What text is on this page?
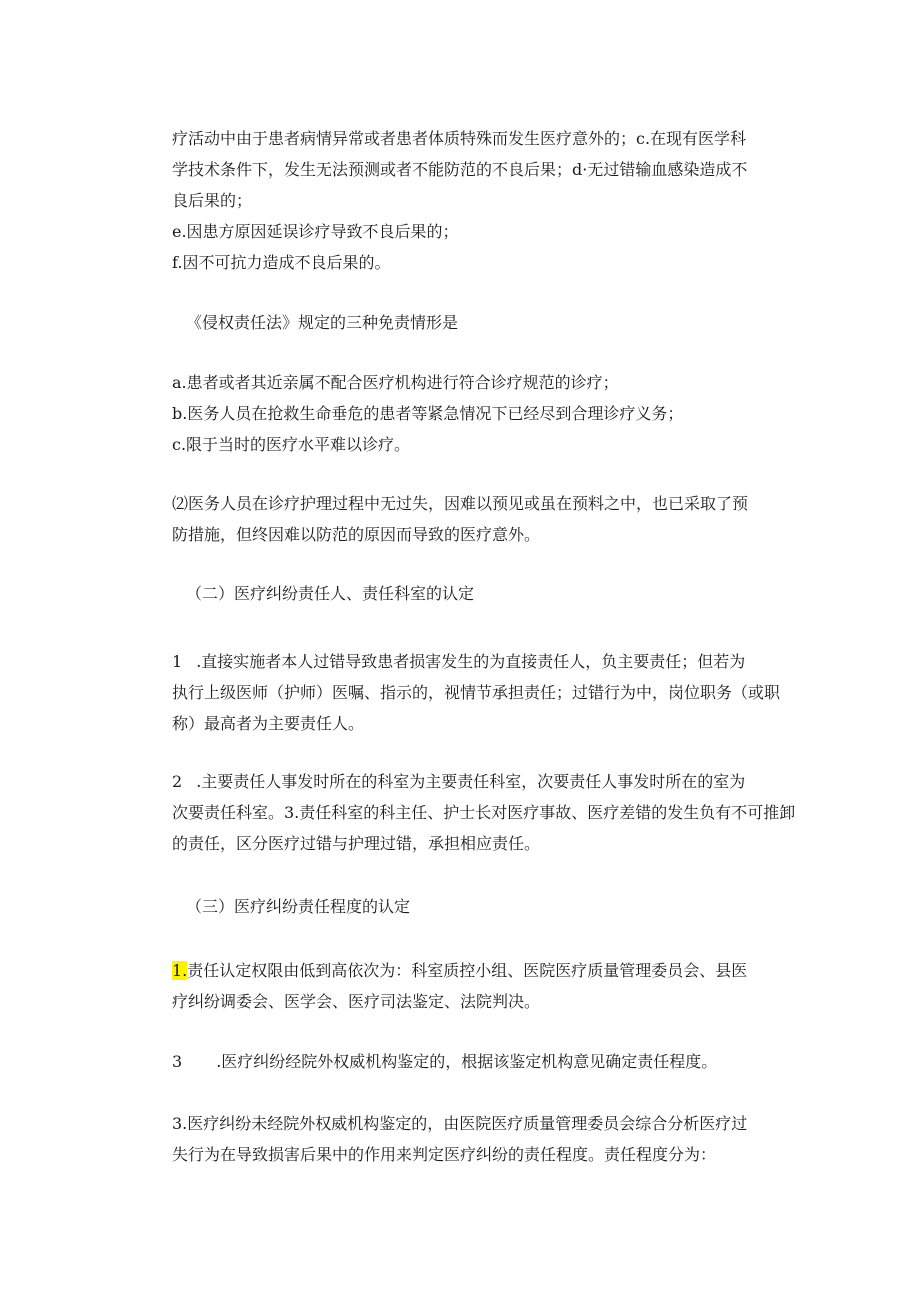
疗活动中由于患者病情异常或者患者体质特殊而发生医疗意外的；c.在现有医学科
学技术条件下，发生无法预测或者不能防范的不良后果；d·无过错输血感染造成不
良后果的；
e.因患方原因延误诊疗导致不良后果的；
f.因不可抗力造成不良后果的。

《侵权责任法》规定的三种免责情形是

a.患者或者其近亲属不配合医疗机构进行符合诊疗规范的诊疗；
b.医务人员在抢救生命垂危的患者等紧急情况下已经尽到合理诊疗义务；
c.限于当时的医疗水平难以诊疗。

⑵医务人员在诊疗护理过程中无过失，因难以预见或虽在预料之中，也已采取了预
防措施，但终因难以防范的原因而导致的医疗意外。

（二）医疗纠纷责任人、责任科室的认定

1 .直接实施者本人过错导致患者损害发生的为直接责任人，负主要责任；但若为
执行上级医师（护师）医嘱、指示的，视情节承担责任；过错行为中，岗位职务（或职
称）最高者为主要责任人。

2 .主要责任人事发时所在的科室为主要责任科室，次要责任人事发时所在的室为
次要责任科室。3.责任科室的科主任、护士长对医疗事故、医疗差错的发生负有不可推卸
的责任，区分医疗过错与护理过错，承担相应责任。

（三）医疗纠纷责任程度的认定

1.责任认定权限由低到高依次为：科室质控小组、医院医疗质量管理委员会、县医
疗纠纷调委会、医学会、医疗司法鉴定、法院判决。

3 .医疗纠纷经院外权威机构鉴定的，根据该鉴定机构意见确定责任程度。

3.医疗纠纷未经院外权威机构鉴定的，由医院医疗质量管理委员会综合分析医疗过
失行为在导致损害后果中的作用来判定医疗纠纷的责任程度。责任程度分为：
